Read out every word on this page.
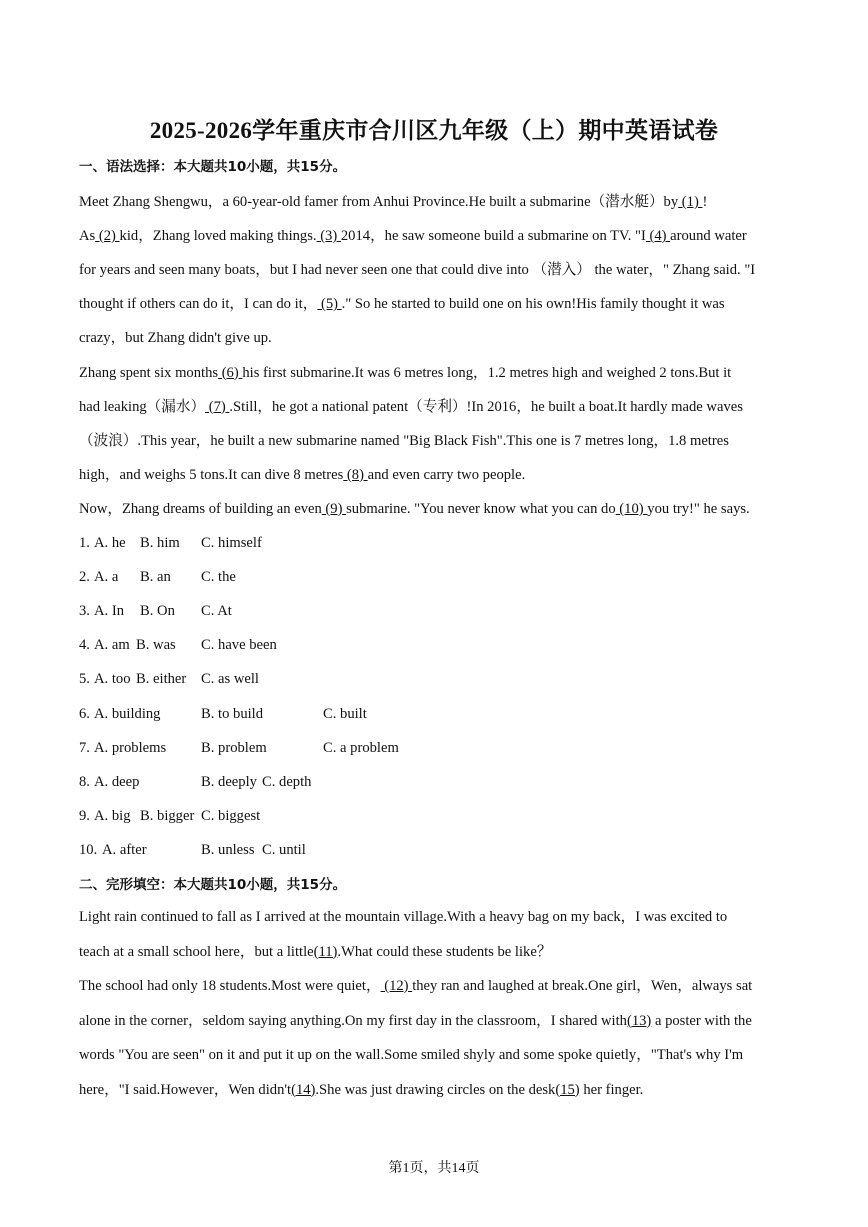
2025-2026学年重庆市合川区九年级（上）期中英语试卷
一、语法选择：本大题共10小题，共15分。
Meet Zhang Shengwu，a 60-year-old famer from Anhui Province.He built a submarine（潜水艇）by (1) !
As (2) kid，Zhang loved making things. (3) 2014，he saw someone build a submarine on TV. "I (4) around water
for years and seen many boats，but I had never seen one that could dive into （潜入） the water，" Zhang said. "I
thought if others can do it，I can do it， (5) ." So he started to build one on his own!His family thought it was
crazy，but Zhang didn't give up.
Zhang spent six months (6) his first submarine.It was 6 metres long，1.2 metres high and weighed 2 tons.But it
had leaking（漏水） (7) .Still，he got a national patent（专利）!In 2016，he built a boat.It hardly made waves
（波浪）.This year，he built a new submarine named "Big Black Fish".This one is 7 metres long，1.8 metres
high，and weighs 5 tons.It can dive 8 metres (8) and even carry two people.
Now，Zhang dreams of building an even (9) submarine. "You never know what you can do (10) you try!" he says.
1. A. he B. him C. himself
2. A. a B. an C. the
3. A. In B. On C. At
4. A. am B. was C. have been
5. A. too B. either C. as well
6. A. building	B. to build	C. built
7. A. problems B. problem	C. a problem
8. A. deep	B. deeply C. depth
9. A. big B. bigger C. biggest
10. A. after	B. unless C. until
二、完形填空：本大题共10小题，共15分。
Light rain continued to fall as I arrived at the mountain village.With a heavy bag on my back，I was excited to
teach at a small school here，but a little(11).What could these students be like？
The school had only 18 students.Most were quiet， (12) they ran and laughed at break.One girl，Wen，always sat
alone in the corner，seldom saying anything.On my first day in the classroom，I shared with(13) a poster with the
words "You are seen" on it and put it up on the wall.Some smiled shyly and some spoke quietly，"That's why I'm
here，"I said.However，Wen didn't(14).She was just drawing circles on the desk(15) her finger.
第1页，共14页
